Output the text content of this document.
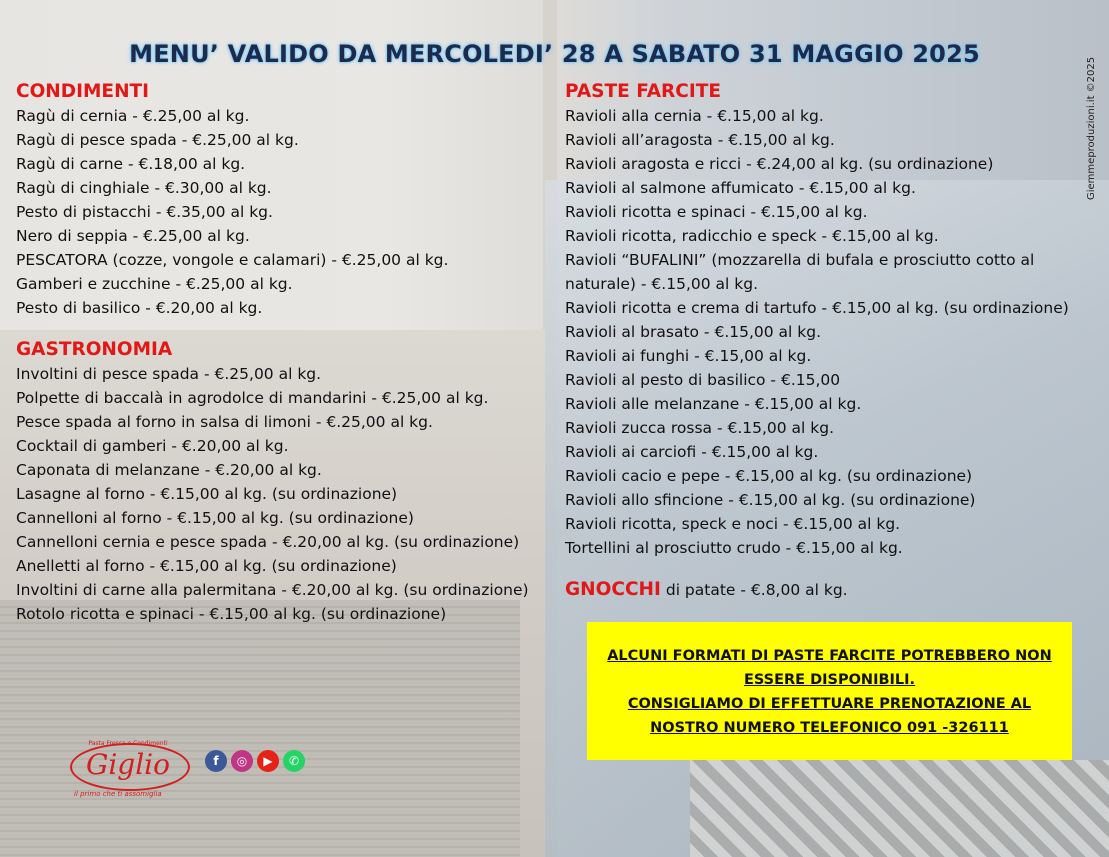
MENU’ VALIDO DA MERCOLEDI’ 28 A SABATO 31 MAGGIO 2025
Giemmeproduzioni.it ©2025
CONDIMENTI
Ragù di cernia - €.25,00 al kg.
Ragù di pesce spada - €.25,00 al kg.
Ragù di carne - €.18,00 al kg.
Ragù di cinghiale - €.30,00 al kg.
Pesto di pistacchi - €.35,00 al kg.
Nero di seppia - €.25,00 al kg.
PESCATORA (cozze, vongole e calamari) - €.25,00 al kg.
Gamberi e zucchine - €.25,00 al kg.
Pesto di basilico - €.20,00 al kg.
GASTRONOMIA
Involtini di pesce spada - €.25,00 al kg.
Polpette di baccalà in agrodolce di mandarini - €.25,00 al kg.
Pesce spada al forno in salsa di limoni - €.25,00 al kg.
Cocktail di gamberi - €.20,00 al kg.
Caponata di melanzane - €.20,00 al kg.
Lasagne al forno - €.15,00 al kg. (su ordinazione)
Cannelloni al forno - €.15,00 al kg. (su ordinazione)
Cannelloni cernia e pesce spada - €.20,00 al kg. (su ordinazione)
Anelletti al forno - €.15,00 al kg. (su ordinazione)
Involtini di carne alla palermitana - €.20,00 al kg. (su ordinazione)
Rotolo ricotta e spinaci - €.15,00 al kg. (su ordinazione)
PASTE FARCITE
Ravioli alla cernia - €.15,00 al kg.
Ravioli all’aragosta - €.15,00 al kg.
Ravioli aragosta e ricci - €.24,00 al kg. (su ordinazione)
Ravioli al salmone affumicato - €.15,00 al kg.
Ravioli ricotta e spinaci - €.15,00 al kg.
Ravioli ricotta, radicchio e speck - €.15,00 al kg.
Ravioli “BUFALINI” (mozzarella di bufala e prosciutto cotto al naturale) - €.15,00 al kg.
Ravioli ricotta e crema di tartufo - €.15,00 al kg. (su ordinazione)
Ravioli al brasato - €.15,00 al kg.
Ravioli ai funghi - €.15,00 al kg.
Ravioli al pesto di basilico - €.15,00
Ravioli alle melanzane - €.15,00 al kg.
Ravioli zucca rossa - €.15,00 al kg.
Ravioli ai carciofi - €.15,00 al kg.
Ravioli cacio e pepe - €.15,00 al kg. (su ordinazione)
Ravioli allo sfincione - €.15,00 al kg. (su ordinazione)
Ravioli ricotta, speck e noci - €.15,00 al kg.
Tortellini al prosciutto crudo - €.15,00 al kg.
GNOCCHI di patate - €.8,00 al kg.
ALCUNI FORMATI DI PASTE FARCITE POTREBBERO NON
ESSERE DISPONIBILI.
CONSIGLIAMO DI EFFETTUARE PRENOTAZIONE AL
NOSTRO NUMERO TELEFONICO 091 -326111
Pasta Fresca e Condimenti
Giglio
il primo che ti assomiglia
f	◎	▶	✆
